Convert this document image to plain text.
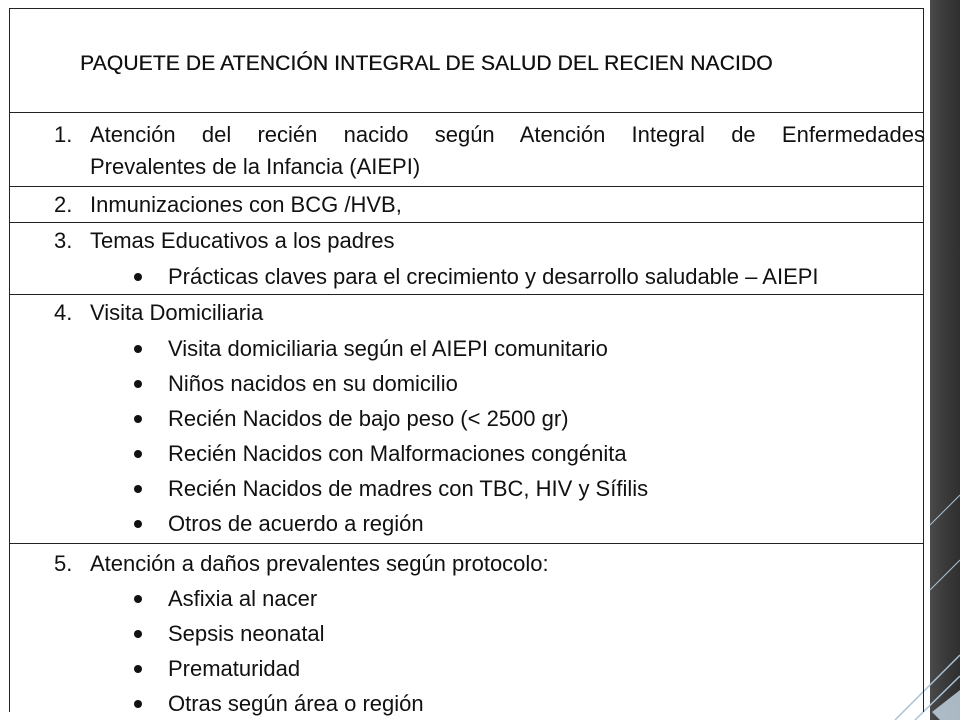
PAQUETE DE ATENCIÓN INTEGRAL DE SALUD DEL RECIEN NACIDO
1. Atención del recién nacido según Atención Integral de Enfermedades
Prevalentes de la Infancia (AIEPI)
2. Inmunizaciones con BCG /HVB,
3. Temas Educativos a los padres
Prácticas claves para el crecimiento y desarrollo saludable – AIEPI
4. Visita Domiciliaria
Visita domiciliaria según el AIEPI comunitario
Niños nacidos en su domicilio
Recién Nacidos de bajo peso (< 2500 gr)
Recién Nacidos con Malformaciones congénita
Recién Nacidos de madres con TBC, HIV y Sífilis
Otros de acuerdo a región
5. Atención a daños prevalentes según protocolo:
Asfixia al nacer
Sepsis neonatal
Prematuridad
Otras según área o región
